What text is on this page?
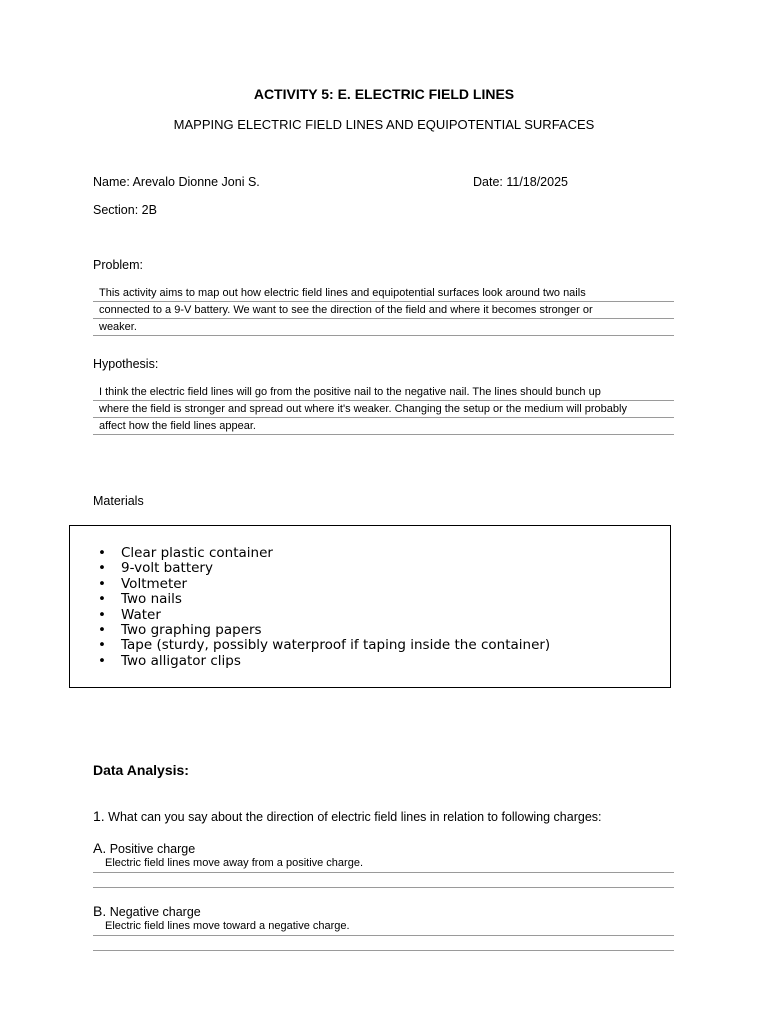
ACTIVITY 5: E. ELECTRIC FIELD LINES
MAPPING ELECTRIC FIELD LINES AND EQUIPOTENTIAL SURFACES
Name: Arevalo Dionne Joni S.	Date: 11/18/2025
Section: 2B
Problem:
This activity aims to map out how electric field lines and equipotential surfaces look around two nails
connected to a 9-V battery. We want to see the direction of the field and where it becomes stronger or
weaker.
Hypothesis:
I think the electric field lines will go from the positive nail to the negative nail. The lines should bunch up
where the field is stronger and spread out where it's weaker. Changing the setup or the medium will probably
affect how the field lines appear.
Materials
• Clear plastic container
• 9-volt battery
• Voltmeter
• Two nails
• Water
• Two graphing papers
• Tape (sturdy, possibly waterproof if taping inside the container)
• Two alligator clips
Data Analysis:
1. What can you say about the direction of electric field lines in relation to following charges:
A. Positive charge
Electric field lines move away from a positive charge.
B. Negative charge
Electric field lines move toward a negative charge.
